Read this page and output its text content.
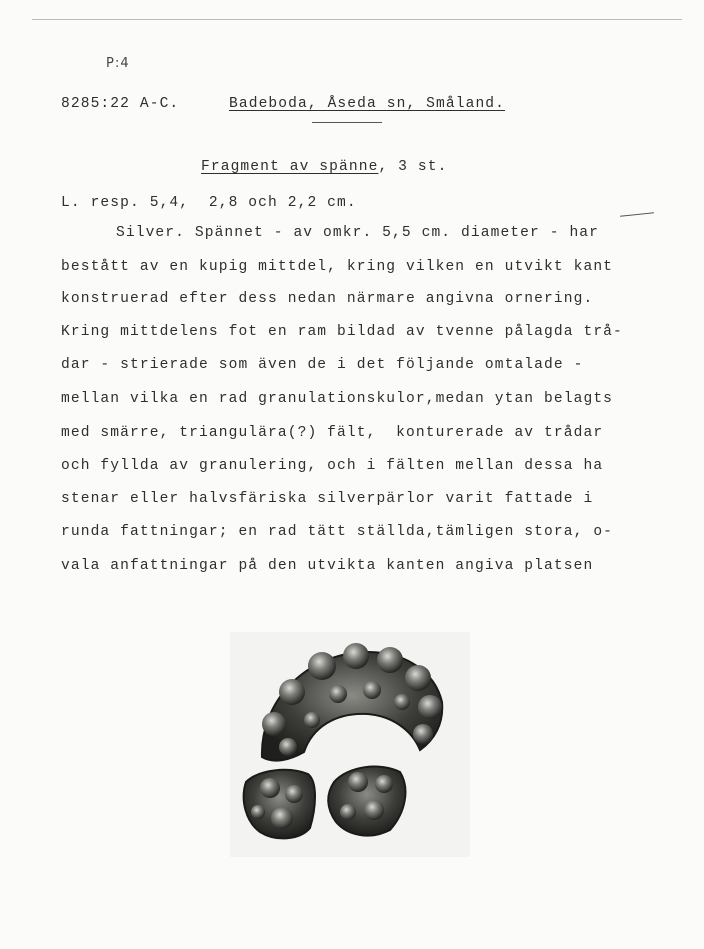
P:4
8285:22 A-C.	Badeboda, Åseda sn, Småland.
Fragment av spänne, 3 st.
L. resp. 5,4,  2,8 och 2,2 cm.
Silver. Spännet - av omkr. 5,5 cm. diameter - har
bestått av en kupig mittdel, kring vilken en utvikt kant
konstruerad efter dess nedan närmare angivna ornering.
Kring mittdelens fot en ram bildad av tvenne pålagda trå-
dar - strierade som även de i det följande omtalade -
mellan vilka en rad granulationskulor,medan ytan belagts
med smärre, triangulära(?) fält,  konturerade av trådar
och fyllda av granulering, och i fälten mellan dessa ha
stenar eller halvsfäriska silverpärlor varit fattade i
runda fattningar; en rad tätt ställda,tämligen stora, o-
vala anfattningar på den utvikta kanten angiva platsen
